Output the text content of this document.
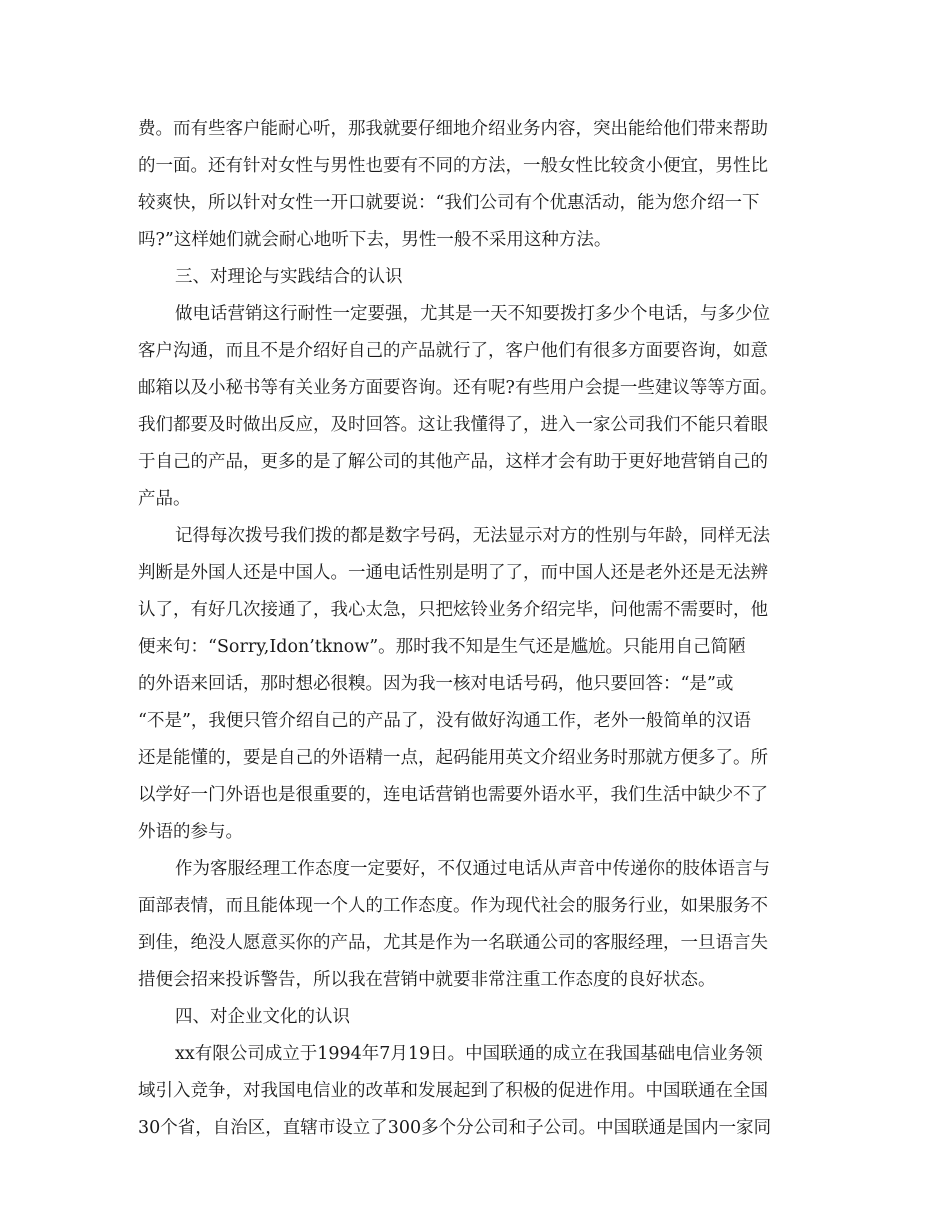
费。而有些客户能耐心听，那我就要仔细地介绍业务内容，突出能给他们带来帮助
的一面。还有针对女性与男性也要有不同的方法，一般女性比较贪小便宜，男性比
较爽快，所以针对女性一开口就要说：“我们公司有个优惠活动，能为您介绍一下
吗?”这样她们就会耐心地听下去，男性一般不采用这种方法。
三、对理论与实践结合的认识
做电话营销这行耐性一定要强，尤其是一天不知要拨打多少个电话，与多少位
客户沟通，而且不是介绍好自己的产品就行了，客户他们有很多方面要咨询，如意
邮箱以及小秘书等有关业务方面要咨询。还有呢?有些用户会提一些建议等等方面。
我们都要及时做出反应，及时回答。这让我懂得了，进入一家公司我们不能只着眼
于自己的产品，更多的是了解公司的其他产品，这样才会有助于更好地营销自己的
产品。
记得每次拨号我们拨的都是数字号码，无法显示对方的性别与年龄，同样无法
判断是外国人还是中国人。一通电话性别是明了了，而中国人还是老外还是无法辨
认了，有好几次接通了，我心太急，只把炫铃业务介绍完毕，问他需不需要时，他
便来句：“Sorry,Idon’tknow”。那时我不知是生气还是尴尬。只能用自己简陋
的外语来回话，那时想必很糗。因为我一核对电话号码，他只要回答：“是”或
“不是”，我便只管介绍自己的产品了，没有做好沟通工作，老外一般简单的汉语
还是能懂的，要是自己的外语精一点，起码能用英文介绍业务时那就方便多了。所
以学好一门外语也是很重要的，连电话营销也需要外语水平，我们生活中缺少不了
外语的参与。
作为客服经理工作态度一定要好，不仅通过电话从声音中传递你的肢体语言与
面部表情，而且能体现一个人的工作态度。作为现代社会的服务行业，如果服务不
到佳，绝没人愿意买你的产品，尤其是作为一名联通公司的客服经理，一旦语言失
措便会招来投诉警告，所以我在营销中就要非常注重工作态度的良好状态。
四、对企业文化的认识
xx有限公司成立于1994年7月19日。中国联通的成立在我国基础电信业务领
域引入竞争，对我国电信业的改革和发展起到了积极的促进作用。中国联通在全国
30个省，自治区，直辖市设立了300多个分公司和子公司。中国联通是国内一家同
